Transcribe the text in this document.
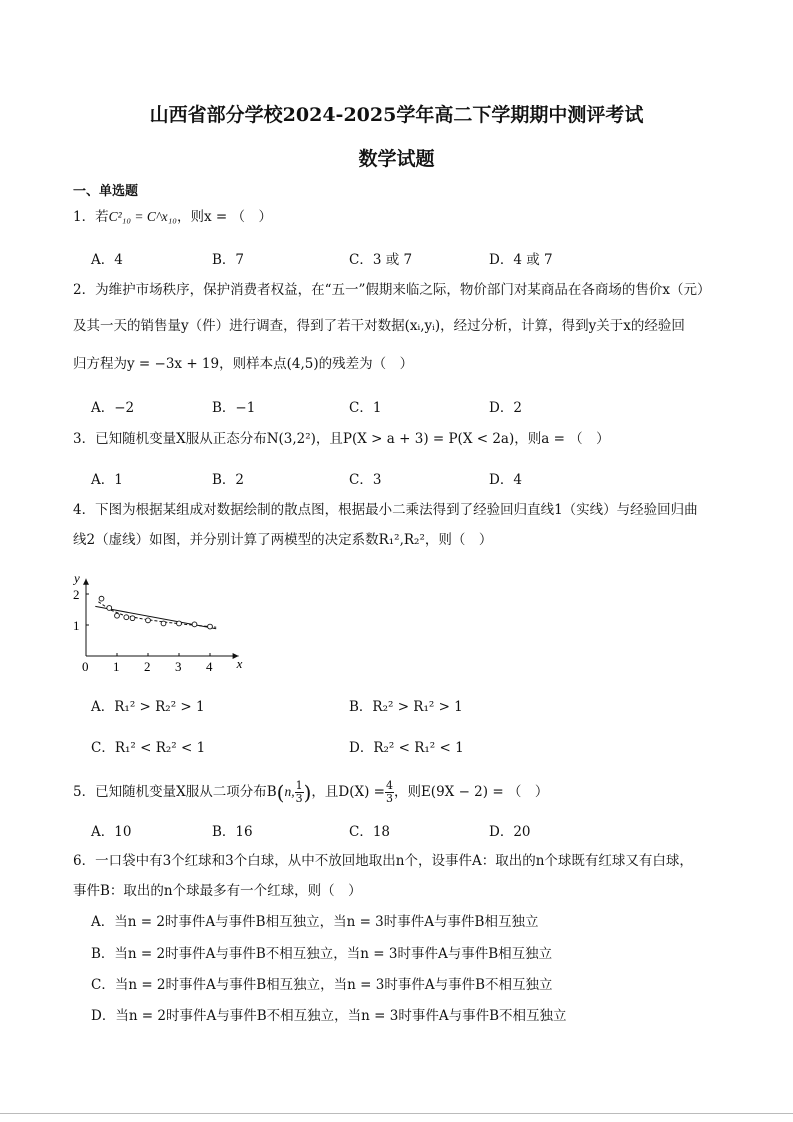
山西省部分学校2024-2025学年高二下学期期中测评考试
数学试题
一、单选题
1．若C²₁₀ = C^x₁₀，则x = （　）
A．4	B．7	C．3 或 7	D．4 或 7
2．为维护市场秩序，保护消费者权益，在“五一”假期来临之际，物价部门对某商品在各商场的售价x（元）
及其一天的销售量y（件）进行调查，得到了若干对数据(xᵢ,yᵢ)，经过分析，计算，得到y关于x的经验回
归方程为y = −3x + 19，则样本点(4,5)的残差为（　）
A．−2	B．−1	C．1	D．2
3．已知随机变量X服从正态分布N(3,2²)，且P(X > a + 3) = P(X < 2a)，则a = （　）
A．1	B．2	C．3	D．4
4．下图为根据某组成对数据绘制的散点图，根据最小二乘法得到了经验回归直线1（实线）与经验回归曲
线2（虚线）如图，并分别计算了两模型的决定系数R₁²,R₂²，则（　）
x
y
0 1 2 3 4
1
2
A．R₁² > R₂² > 1	B．R₂² > R₁² > 1
C．R₁² < R₂² < 1	D．R₂² < R₁² < 1
5．已知随机变量X服从二项分布B(n, $\frac{1}{3}$ )，且$D(X) = \frac{4}{3}$ ，则E(9X − 2) = （　）
A．10	B．16	C．18	D．20
6．一口袋中有3个红球和3个白球，从中不放回地取出n个，设事件A：取出的n个球既有红球又有白球，
事件B：取出的n个球最多有一个红球，则（　）
A．当n = 2时事件A与事件B相互独立，当n = 3时事件A与事件B相互独立
B．当n = 2时事件A与事件B不相互独立，当n = 3时事件A与事件B相互独立
C．当n = 2时事件A与事件B相互独立，当n = 3时事件A与事件B不相互独立
D．当n = 2时事件A与事件B不相互独立，当n = 3时事件A与事件B不相互独立
